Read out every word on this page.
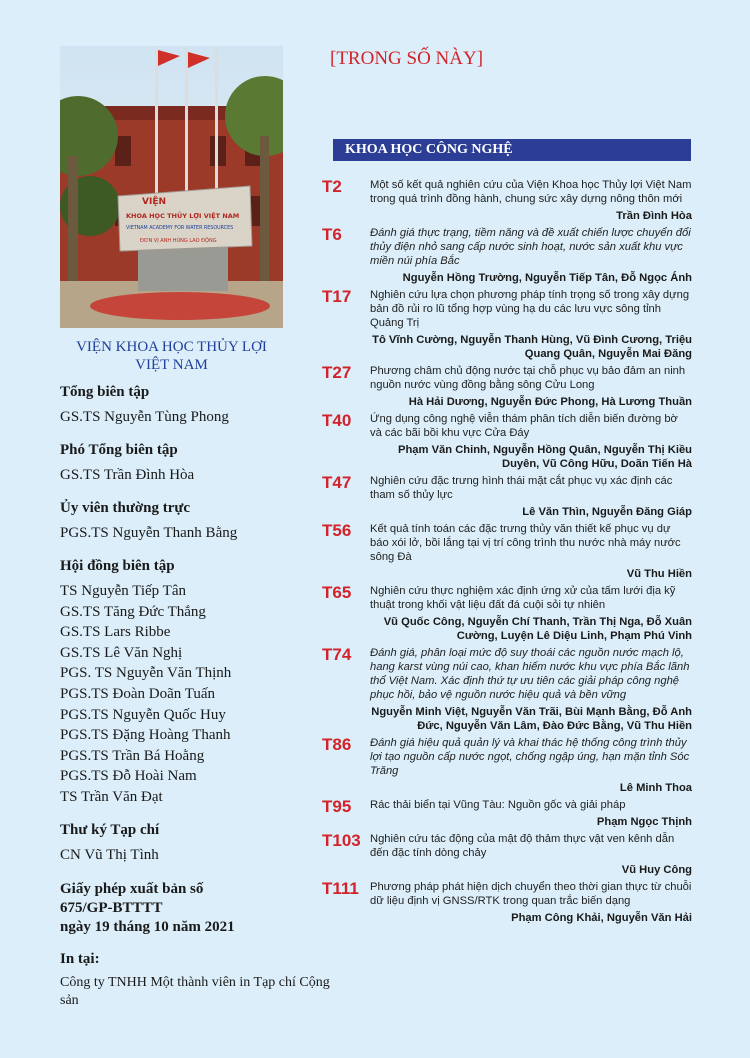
VIỆN
KHOA HỌC THỦY LỢI VIỆT NAM
VIETNAM ACADEMY FOR WATER RESOURCES
ĐƠN VỊ ANH HÙNG LAO ĐỘNG
VIỆN KHOA HỌC THỦY LỢI VIỆT NAM
Tổng biên tập
GS.TS Nguyễn Tùng Phong
Phó Tổng biên tập
GS.TS Trần Đình Hòa
Ủy viên thường trực
PGS.TS Nguyễn Thanh Bằng
Hội đồng biên tập
TS Nguyễn Tiếp Tân
GS.TS Tăng Đức Thắng
GS.TS Lars Ribbe
GS.TS Lê Văn Nghị
PGS. TS Nguyễn Văn Thịnh
PGS.TS Đoàn Doãn Tuấn
PGS.TS Nguyễn Quốc Huy
PGS.TS Đặng Hoàng Thanh
PGS.TS Trần Bá Hoằng
PGS.TS Đỗ Hoài Nam
TS Trần Văn Đạt
Thư ký Tạp chí
CN Vũ Thị Tình
Giấy phép xuất bản số
675/GP-BTTTT
ngày 19 tháng 10 năm 2021
In tại:
Công ty TNHH Một thành viên in Tạp chí Cộng sản
[TRONG SỐ NÀY]
KHOA HỌC CÔNG NGHỆ
T2	Một số kết quả nghiên cứu của Viện Khoa học Thủy lợi Việt Nam trong quá trình đồng hành, chung sức xây dựng nông thôn mới
Trần Đình Hòa
T6	Đánh giá thực trạng, tiềm năng và đề xuất chiến lược chuyển đổi thủy điện nhỏ sang cấp nước sinh hoạt, nước sản xuất khu vực miền núi phía Bắc
Nguyễn Hồng Trường, Nguyễn Tiếp Tân, Đỗ Ngọc Ánh
T17 Nghiên cứu lựa chọn phương pháp tính trọng số trong xây dựng bản đồ rủi ro lũ tổng hợp vùng hạ du các lưu vực sông tỉnh Quảng Trị
Tô Vĩnh Cường, Nguyễn Thanh Hùng, Vũ Đình Cương, Triệu Quang Quân, Nguyễn Mai Đăng
T27 Phương châm chủ động nước tại chỗ phục vụ bảo đảm an ninh nguồn nước vùng đồng bằng sông Cửu Long
Hà Hải Dương, Nguyễn Đức Phong, Hà Lương Thuần
T40 Ứng dụng công nghệ viễn thám phân tích diễn biến đường bờ và các bãi bồi khu vực Cửa Đáy
Phạm Văn Chinh, Nguyễn Hồng Quân, Nguyễn Thị Kiều Duyên, Vũ Công Hữu, Doãn Tiến Hà
T47 Nghiên cứu đặc trưng hình thái mặt cắt phục vụ xác định các tham số thủy lực
Lê Văn Thìn, Nguyễn Đăng Giáp
T56 Kết quả tính toán các đặc trưng thủy văn thiết kế phục vụ dự báo xói lở, bồi lắng tại vị trí công trình thu nước nhà máy nước sông Đà
Vũ Thu Hiền
T65 Nghiên cứu thực nghiệm xác định ứng xử của tấm lưới địa kỹ thuật trong khối vật liệu đất đá cuội sỏi tự nhiên
Vũ Quốc Công, Nguyễn Chí Thanh, Trần Thị Nga, Đỗ Xuân Cường, Luyện Lê Diệu Linh, Phạm Phú Vinh
T74 Đánh giá, phân loại mức độ suy thoái các nguồn nước mạch lộ, hang karst vùng núi cao, khan hiếm nước khu vực phía Bắc lãnh thổ Việt Nam. Xác định thứ tự ưu tiên các giải pháp công nghệ phục hồi, bảo vệ nguồn nước hiệu quả và bền vững
Nguyễn Minh Việt, Nguyễn Văn Trãi, Bùi Mạnh Bằng, Đỗ Anh Đức, Nguyễn Văn Lâm, Đào Đức Bằng, Vũ Thu Hiền
T86 Đánh giá hiệu quả quản lý và khai thác hệ thống công trình thủy lợi tạo nguồn cấp nước ngọt, chống ngập úng, hạn mặn tỉnh Sóc Trăng
Lê Minh Thoa
T95 Rác thải biển tại Vũng Tàu: Nguồn gốc và giải pháp
Phạm Ngọc Thịnh
T103 Nghiên cứu tác động của mật độ thảm thực vật ven kênh dẫn đến đặc tính dòng chảy
Vũ Huy Công
T111 Phương pháp phát hiện dịch chuyển theo thời gian thực từ chuỗi dữ liệu định vị GNSS/RTK trong quan trắc biến dạng
Phạm Công Khải, Nguyễn Văn Hải
